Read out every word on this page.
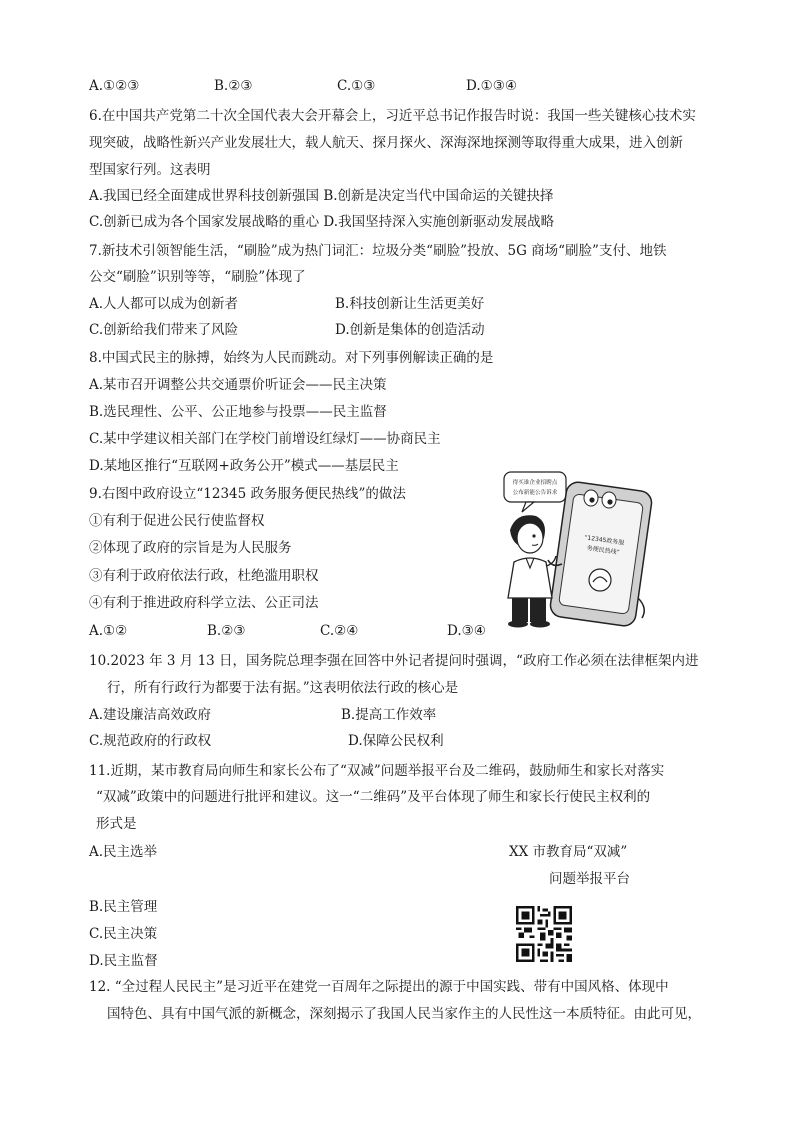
A.①②③	B.②③	C.①③	D.①③④
6.在中国共产党第二十次全国代表大会开幕会上，习近平总书记作报告时说：我国一些关键核心技术实
现突破，战略性新兴产业发展壮大，载人航天、探月探火、深海深地探测等取得重大成果，进入创新
型国家行列。这表明
A.我国已经全面建成世界科技创新强国 B.创新是决定当代中国命运的关键抉择
C.创新已成为各个国家发展战略的重心 D.我国坚持深入实施创新驱动发展战略
7.新技术引领智能生活，“刷脸”成为热门词汇：垃圾分类“刷脸”投放、5G 商场“刷脸”支付、地铁
公交“刷脸”识别等等，“刷脸”体现了
A.人人都可以成为创新者	B.科技创新让生活更美好
C.创新给我们带来了风险	D.创新是集体的创造活动
8.中国式民主的脉搏，始终为人民而跳动。对下列事例解读正确的是
A.某市召开调整公共交通票价听证会——民主决策
B.选民理性、公平、公正地参与投票——民主监督
C.某中学建议相关部门在学校门前增设红绿灯——协商民主
D.某地区推行“互联网+政务公开”模式——基层民主
9.右图中政府设立“12345 政务服务便民热线”的做法
①有利于促进公民行使监督权
②体现了政府的宗旨是为人民服务
③有利于政府依法行政，杜绝滥用职权
④有利于推进政府科学立法、公正司法
A.①②	B.②③	C.②④	D.③④
得买谁企业招聘点
公布新能公告诉求
“12345政务服
务便民热线”
10.2023 年 3 月 13 日，国务院总理李强在回答中外记者提问时强调，“政府工作必须在法律框架内进
行，所有行政行为都要于法有据。”这表明依法行政的核心是
A.建设廉洁高效政府	B.提高工作效率
C.规范政府的行政权	D.保障公民权利
11.近期，某市教育局向师生和家长公布了“双减”问题举报平台及二维码，鼓励师生和家长对落实
“双减”政策中的问题进行批评和建议。这一“二维码”及平台体现了师生和家长行使民主权利的
形式是
A.民主选举	XX 市教育局“双减”
问题举报平台
B.民主管理
C.民主决策
D.民主监督
12. “全过程人民民主”是习近平在建党一百周年之际提出的源于中国实践、带有中国风格、体现中
国特色、具有中国气派的新概念，深刻揭示了我国人民当家作主的人民性这一本质特征。由此可见，
